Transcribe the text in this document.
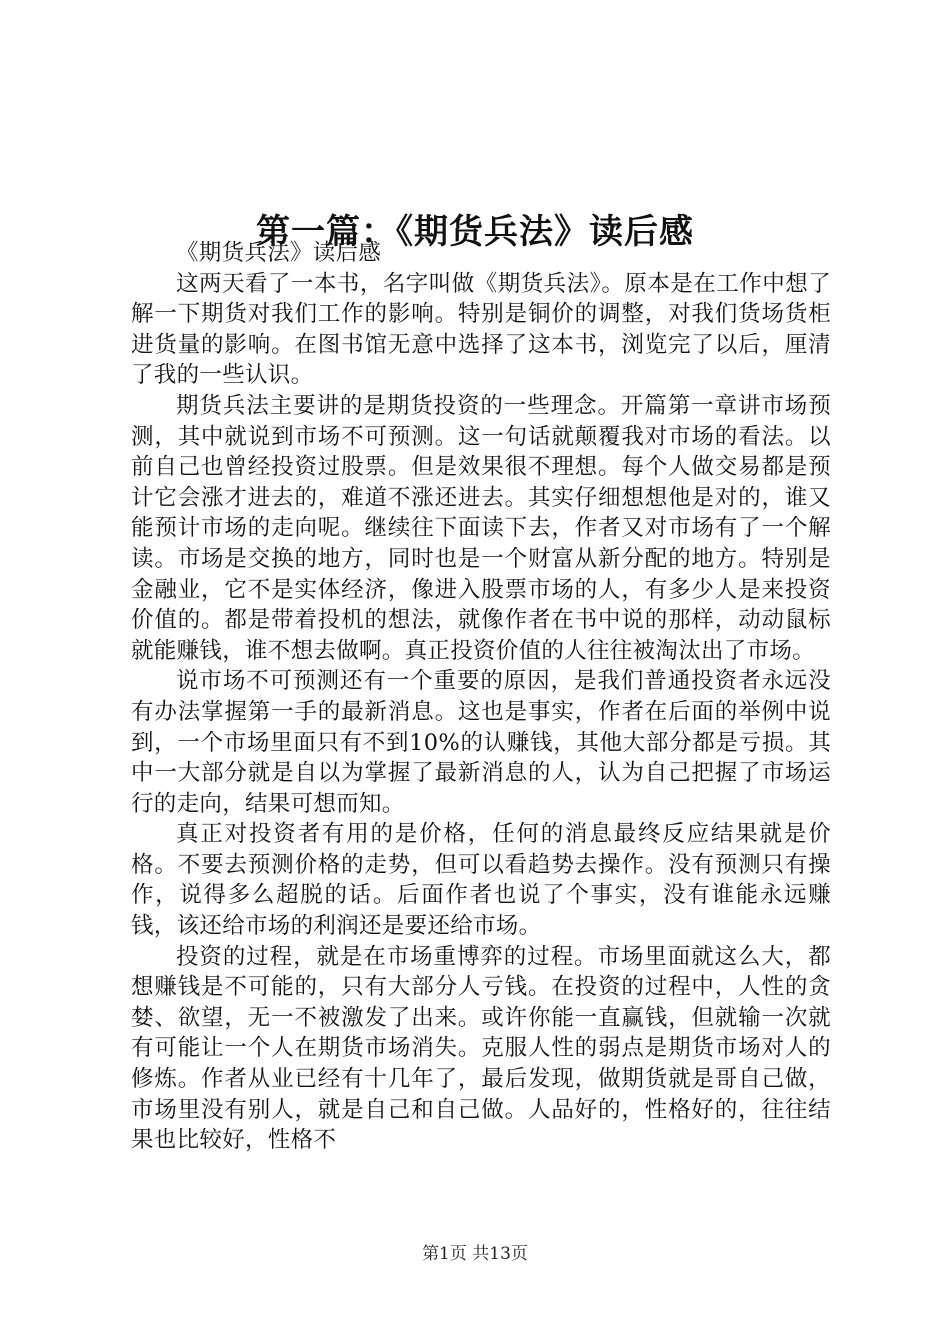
第一篇：《期货兵法》读后感

《期货兵法》读后感

这两天看了一本书，名字叫做《期货兵法》。原本是在工作中想了解一下期货对我们工作的影响。特别是铜价的调整，对我们货场货柜进货量的影响。在图书馆无意中选择了这本书，浏览完了以后，厘清了我的一些认识。

期货兵法主要讲的是期货投资的一些理念。开篇第一章讲市场预测，其中就说到市场不可预测。这一句话就颠覆我对市场的看法。以前自己也曾经投资过股票。但是效果很不理想。每个人做交易都是预计它会涨才进去的，难道不涨还进去。其实仔细想想他是对的，谁又能预计市场的走向呢。继续往下面读下去，作者又对市场有了一个解读。市场是交换的地方，同时也是一个财富从新分配的地方。特别是金融业，它不是实体经济，像进入股票市场的人，有多少人是来投资价值的。都是带着投机的想法，就像作者在书中说的那样，动动鼠标就能赚钱，谁不想去做啊。真正投资价值的人往往被淘汰出了市场。

说市场不可预测还有一个重要的原因，是我们普通投资者永远没有办法掌握第一手的最新消息。这也是事实，作者在后面的举例中说到，一个市场里面只有不到10%的认赚钱，其他大部分都是亏损。其中一大部分就是自以为掌握了最新消息的人，认为自己把握了市场运行的走向，结果可想而知。

真正对投资者有用的是价格，任何的消息最终反应结果就是价格。不要去预测价格的走势，但可以看趋势去操作。没有预测只有操作，说得多么超脱的话。后面作者也说了个事实，没有谁能永远赚钱，该还给市场的利润还是要还给市场。

投资的过程，就是在市场重博弈的过程。市场里面就这么大，都想赚钱是不可能的，只有大部分人亏钱。在投资的过程中，人性的贪婪、欲望，无一不被激发了出来。或许你能一直赢钱，但就输一次就有可能让一个人在期货市场消失。克服人性的弱点是期货市场对人的修炼。作者从业已经有十几年了，最后发现，做期货就是哥自己做，市场里没有别人，就是自己和自己做。人品好的，性格好的，往往结果也比较好，性格不

第1页 共13页
